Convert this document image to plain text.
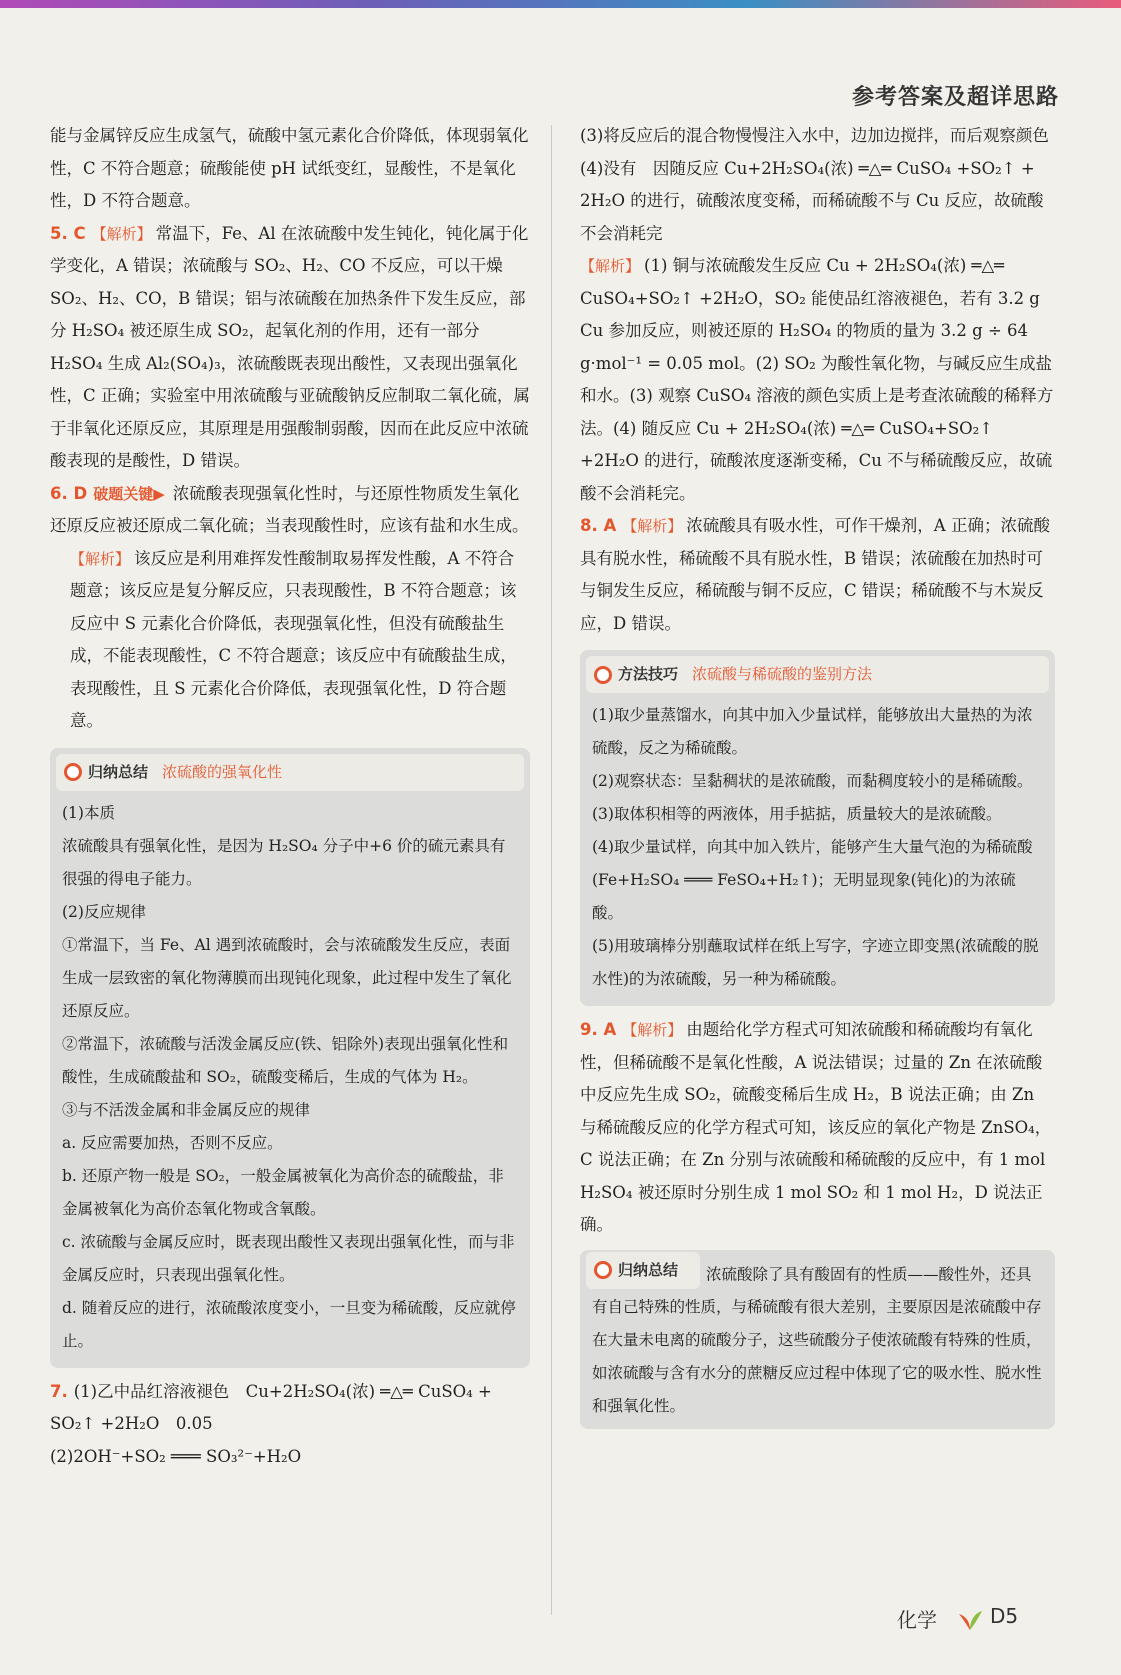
参考答案及超详思路

能与金属锌反应生成氢气，硫酸中氢元素化合价降低，体现弱氧化性，C 不符合题意；硫酸能使 pH 试纸变红，显酸性，不是氧化性，D 不符合题意。

5. C 【解析】 常温下，Fe、Al 在浓硫酸中发生钝化，钝化属于化学变化，A 错误；浓硫酸与 SO₂、H₂、CO 不反应，可以干燥 SO₂、H₂、CO，B 错误；铝与浓硫酸在加热条件下发生反应，部分 H₂SO₄ 被还原生成 SO₂，起氧化剂的作用，还有一部分 H₂SO₄ 生成 Al₂(SO₄)₃，浓硫酸既表现出酸性，又表现出强氧化性，C 正确；实验室中用浓硫酸与亚硫酸钠反应制取二氧化硫，属于非氧化还原反应，其原理是用强酸制弱酸，因而在此反应中浓硫酸表现的是酸性，D 错误。

6. D 破题关键▶ 浓硫酸表现强氧化性时，与还原性物质发生氧化还原反应被还原成二氧化硫；当表现酸性时，应该有盐和水生成。

【解析】 该反应是利用难挥发性酸制取易挥发性酸，A 不符合题意；该反应是复分解反应，只表现酸性，B 不符合题意；该反应中 S 元素化合价降低，表现强氧化性，但没有硫酸盐生成，不能表现酸性，C 不符合题意；该反应中有硫酸盐生成，表现酸性，且 S 元素化合价降低，表现强氧化性，D 符合题意。

归纳总结 浓硫酸的强氧化性

(1)本质

浓硫酸具有强氧化性，是因为 H₂SO₄ 分子中+6 价的硫元素具有很强的得电子能力。

(2)反应规律

①常温下，当 Fe、Al 遇到浓硫酸时，会与浓硫酸发生反应，表面生成一层致密的氧化物薄膜而出现钝化现象，此过程中发生了氧化还原反应。

②常温下，浓硫酸与活泼金属反应(铁、铝除外)表现出强氧化性和酸性，生成硫酸盐和 SO₂，硫酸变稀后，生成的气体为 H₂。

③与不活泼金属和非金属反应的规律

a. 反应需要加热，否则不反应。

b. 还原产物一般是 SO₂，一般金属被氧化为高价态的硫酸盐，非金属被氧化为高价态氧化物或含氧酸。

c. 浓硫酸与金属反应时，既表现出酸性又表现出强氧化性，而与非金属反应时，只表现出强氧化性。

d. 随着反应的进行，浓硫酸浓度变小，一旦变为稀硫酸，反应就停止。

7. (1)乙中品红溶液褪色　Cu+2H₂SO₄(浓) ═△═ CuSO₄ + SO₂↑ +2H₂O　0.05

(2)2OH⁻+SO₂ ═══ SO₃²⁻+H₂O

(3)将反应后的混合物慢慢注入水中，边加边搅拌，而后观察颜色

(4)没有　因随反应 Cu+2H₂SO₄(浓) ═△═ CuSO₄ +SO₂↑ + 2H₂O 的进行，硫酸浓度变稀，而稀硫酸不与 Cu 反应，故硫酸不会消耗完

【解析】 (1) 铜与浓硫酸发生反应 Cu + 2H₂SO₄(浓) ═△═ CuSO₄+SO₂↑ +2H₂O，SO₂ 能使品红溶液褪色，若有 3.2 g Cu 参加反应，则被还原的 H₂SO₄ 的物质的量为 3.2 g ÷ 64 g·mol⁻¹ = 0.05 mol。(2) SO₂ 为酸性氧化物，与碱反应生成盐和水。(3) 观察 CuSO₄ 溶液的颜色实质上是考查浓硫酸的稀释方法。(4) 随反应 Cu + 2H₂SO₄(浓) ═△═ CuSO₄+SO₂↑ +2H₂O 的进行，硫酸浓度逐渐变稀，Cu 不与稀硫酸反应，故硫酸不会消耗完。

8. A 【解析】 浓硫酸具有吸水性，可作干燥剂，A 正确；浓硫酸具有脱水性，稀硫酸不具有脱水性，B 错误；浓硫酸在加热时可与铜发生反应，稀硫酸与铜不反应，C 错误；稀硫酸不与木炭反应，D 错误。

方法技巧 浓硫酸与稀硫酸的鉴别方法

(1)取少量蒸馏水，向其中加入少量试样，能够放出大量热的为浓硫酸，反之为稀硫酸。

(2)观察状态：呈黏稠状的是浓硫酸，而黏稠度较小的是稀硫酸。

(3)取体积相等的两液体，用手掂掂，质量较大的是浓硫酸。

(4)取少量试样，向其中加入铁片，能够产生大量气泡的为稀硫酸(Fe+H₂SO₄ ═══ FeSO₄+H₂↑)；无明显现象(钝化)的为浓硫酸。

(5)用玻璃棒分别蘸取试样在纸上写字，字迹立即变黑(浓硫酸的脱水性)的为浓硫酸，另一种为稀硫酸。

9. A 【解析】 由题给化学方程式可知浓硫酸和稀硫酸均有氧化性，但稀硫酸不是氧化性酸，A 说法错误；过量的 Zn 在浓硫酸中反应先生成 SO₂，硫酸变稀后生成 H₂，B 说法正确；由 Zn 与稀硫酸反应的化学方程式可知，该反应的氧化产物是 ZnSO₄，C 说法正确；在 Zn 分别与浓硫酸和稀硫酸的反应中，有 1 mol H₂SO₄ 被还原时分别生成 1 mol SO₂ 和 1 mol H₂，D 说法正确。

归纳总结 浓硫酸除了具有酸固有的性质——酸性外，还具有自己特殊的性质，与稀硫酸有很大差别，主要原因是浓硫酸中存在大量未电离的硫酸分子，这些硫酸分子使浓硫酸有特殊的性质，如浓硫酸与含有水分的蔗糖反应过程中体现了它的吸水性、脱水性和强氧化性。
化学	D5
